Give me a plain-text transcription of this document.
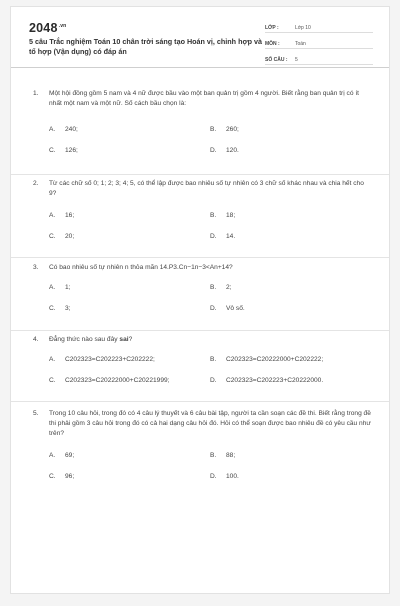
$2048^{.vn}$
5 câu Trắc nghiệm Toán 10 chân trời sáng tạo Hoán vị, chỉnh hợp và tổ hợp (Vận dụng) có đáp án
LỚP :	Lớp 10
MÔN :	Toán
SỐ CÂU :	5
1.	Một hội đồng gồm 5 nam và 4 nữ được bầu vào một ban quản trị gồm 4 người. Biết rằng ban quản trị có ít nhất một nam và một nữ. Số cách bầu chọn là:
A.	240;	B.	260;
C.	126;	D.	120.
2.	Từ các chữ số 0; 1; 2; 3; 4; 5, có thể lập được bao nhiêu số tự nhiên có 3 chữ số khác nhau và chia hết cho 9?
A.	16;	B.	18;
C.	20;	D.	14.
3.	Có bao nhiêu số tự nhiên n thỏa mãn 14.P3.Cn−1n−3<An+14?
A.	1;	B.	2;
C.	3;	D.	Vô số.
4.	Đẳng thức nào sau đây sai?
A.	C202323=C202223+C202222;	B.	C202323=C20222000+C202222;
C.	C202323=C20222000+C20221999;	D.	C202323=C202223+C20222000.
5.	Trong 10 câu hỏi, trong đó có 4 câu lý thuyết và 6 câu bài tập, người ta cần soạn các đề thi. Biết rằng trong đề thi phải gồm 3 câu hỏi trong đó có cả hai dạng câu hỏi đó. Hỏi có thể soạn được bao nhiêu đề có yêu cầu như trên?
A.	69;	B.	88;
C.	96;	D.	100.
